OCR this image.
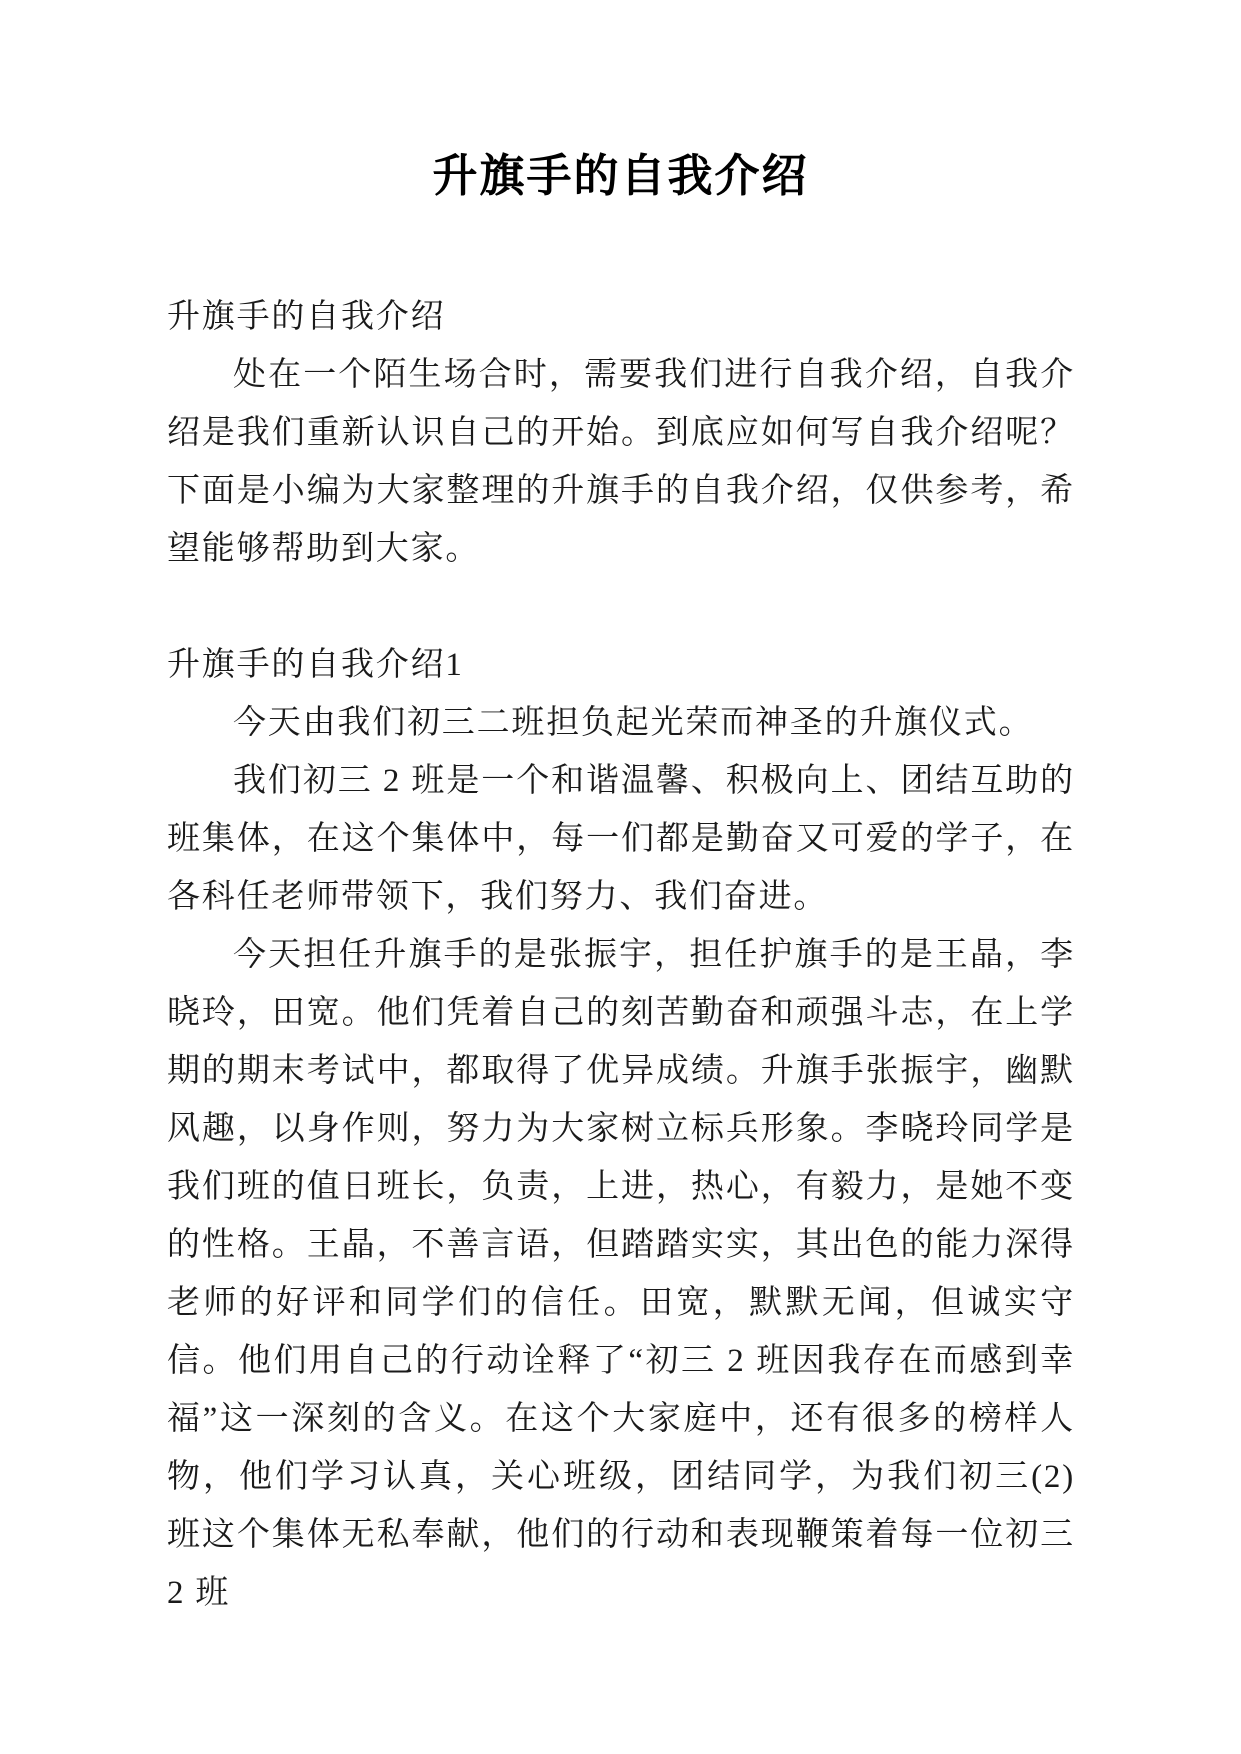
升旗手的自我介绍

升旗手的自我介绍

处在一个陌生场合时，需要我们进行自我介绍，自我介绍是我们重新认识自己的开始。到底应如何写自我介绍呢？下面是小编为大家整理的升旗手的自我介绍，仅供参考，希望能够帮助到大家。

升旗手的自我介绍1

今天由我们初三二班担负起光荣而神圣的升旗仪式。

我们初三 2 班是一个和谐温馨、积极向上、团结互助的班集体，在这个集体中，每一们都是勤奋又可爱的学子，在各科任老师带领下，我们努力、我们奋进。

今天担任升旗手的是张振宇，担任护旗手的是王晶，李晓玲，田宽。他们凭着自己的刻苦勤奋和顽强斗志，在上学期的期末考试中，都取得了优异成绩。升旗手张振宇，幽默风趣，以身作则，努力为大家树立标兵形象。李晓玲同学是我们班的值日班长，负责，上进，热心，有毅力，是她不变的性格。王晶，不善言语，但踏踏实实，其出色的能力深得老师的好评和同学们的信任。田宽，默默无闻，但诚实守信。他们用自己的行动诠释了“初三 2 班因我存在而感到幸福”这一深刻的含义。在这个大家庭中，还有很多的榜样人物，他们学习认真，关心班级，团结同学，为我们初三(2)班这个集体无私奉献，他们的行动和表现鞭策着每一位初三 2 班
